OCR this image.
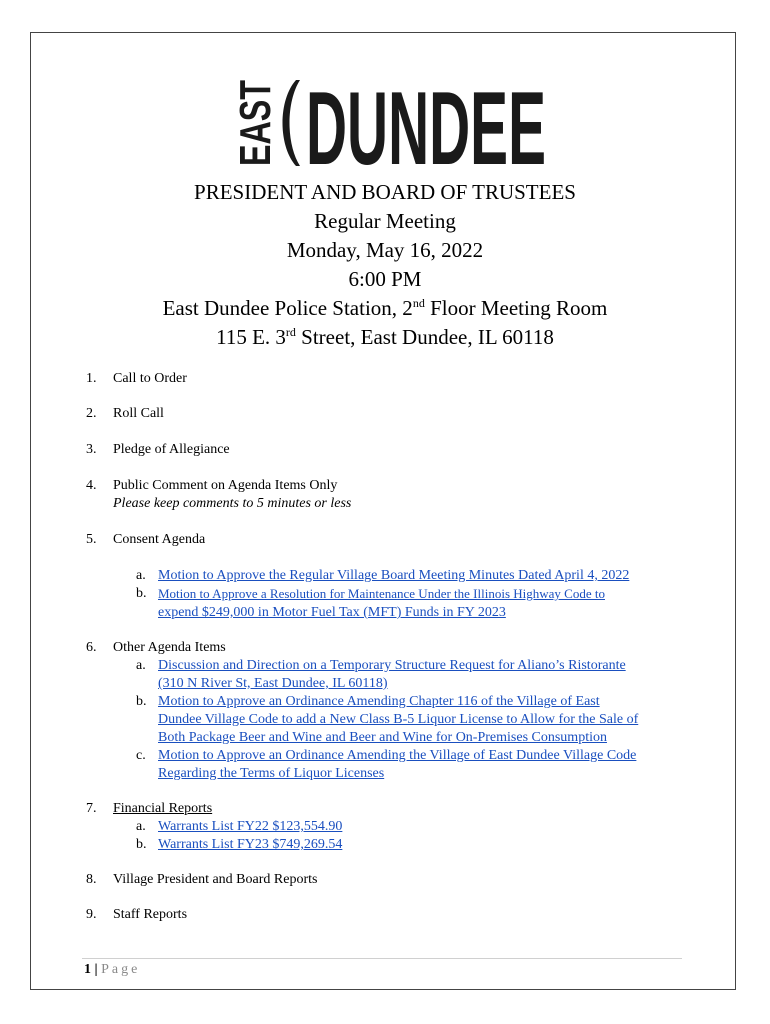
EAST DUNDEE
PRESIDENT AND BOARD OF TRUSTEES
Regular Meeting
Monday, May 16, 2022
6:00 PM
East Dundee Police Station, 2nd Floor Meeting Room
115 E. 3rd Street, East Dundee, IL 60118
1.	Call to Order
2.	Roll Call
3.	Pledge of Allegiance
4.	Public Comment on Agenda Items Only
Please keep comments to 5 minutes or less
5.	Consent Agenda
a. Motion to Approve the Regular Village Board Meeting Minutes Dated April 4, 2022
b. Motion to Approve a Resolution for Maintenance Under the Illinois Highway Code to
expend $249,000 in Motor Fuel Tax (MFT) Funds in FY 2023
6.	Other Agenda Items
a. Discussion and Direction on a Temporary Structure Request for Aliano’s Ristorante
(310 N River St, East Dundee, IL 60118)
b. Motion to Approve an Ordinance Amending Chapter 116 of the Village of East
Dundee Village Code to add a New Class B-5 Liquor License to Allow for the Sale of
Both Package Beer and Wine and Beer and Wine for On-Premises Consumption
c. Motion to Approve an Ordinance Amending the Village of East Dundee Village Code
Regarding the Terms of Liquor Licenses
7.	Financial Reports
a. Warrants List FY22 $123,554.90
b. Warrants List FY23 $749,269.54
8.	Village President and Board Reports
9.	Staff Reports
1 | Page
